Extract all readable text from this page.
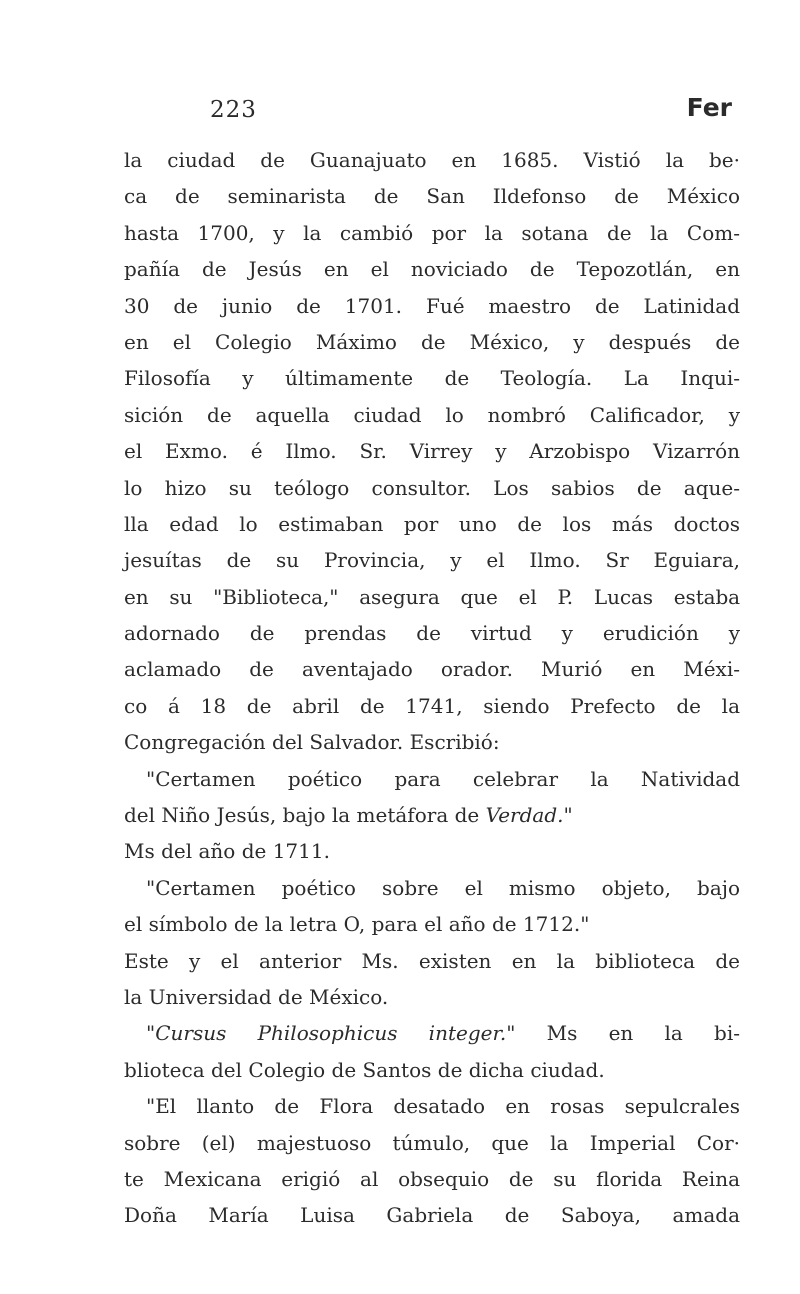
223	Fer
la ciudad de Guanajuato en 1685. Vistió la be·
ca de seminarista de San Ildefonso de México
hasta 1700, y la cambió por la sotana de la Com-
pañía de Jesús en el noviciado de Tepozotlán, en
30 de junio de 1701. Fué maestro de Latinidad
en el Colegio Máximo de México, y después de
Filosofía y últimamente de Teología. La Inqui-
sición de aquella ciudad lo nombró Calificador, y
el Exmo. é Ilmo. Sr. Virrey y Arzobispo Vizarrón
lo hizo su teólogo consultor. Los sabios de aque-
lla edad lo estimaban por uno de los más doctos
jesuítas de su Provincia, y el Ilmo. Sr Eguiara,
en su "Biblioteca," asegura que el P. Lucas estaba
adornado de prendas de virtud y erudición y
aclamado de aventajado orador. Murió en Méxi-
co á 18 de abril de 1741, siendo Prefecto de la
Congregación del Salvador. Escribió:
"Certamen poético para celebrar la Natividad
del Niño Jesús, bajo la metáfora de Verdad."
Ms del año de 1711.
"Certamen poético sobre el mismo objeto, bajo
el símbolo de la letra O, para el año de 1712."
Este y el anterior Ms. existen en la biblioteca de
la Universidad de México.
"Cursus Philosophicus integer." Ms en la bi-
blioteca del Colegio de Santos de dicha ciudad.
"El llanto de Flora desatado en rosas sepulcrales
sobre (el) majestuoso túmulo, que la Imperial Cor·
te Mexicana erigió al obsequio de su florida Reina
Doña María Luisa Gabriela de Saboya, amada
